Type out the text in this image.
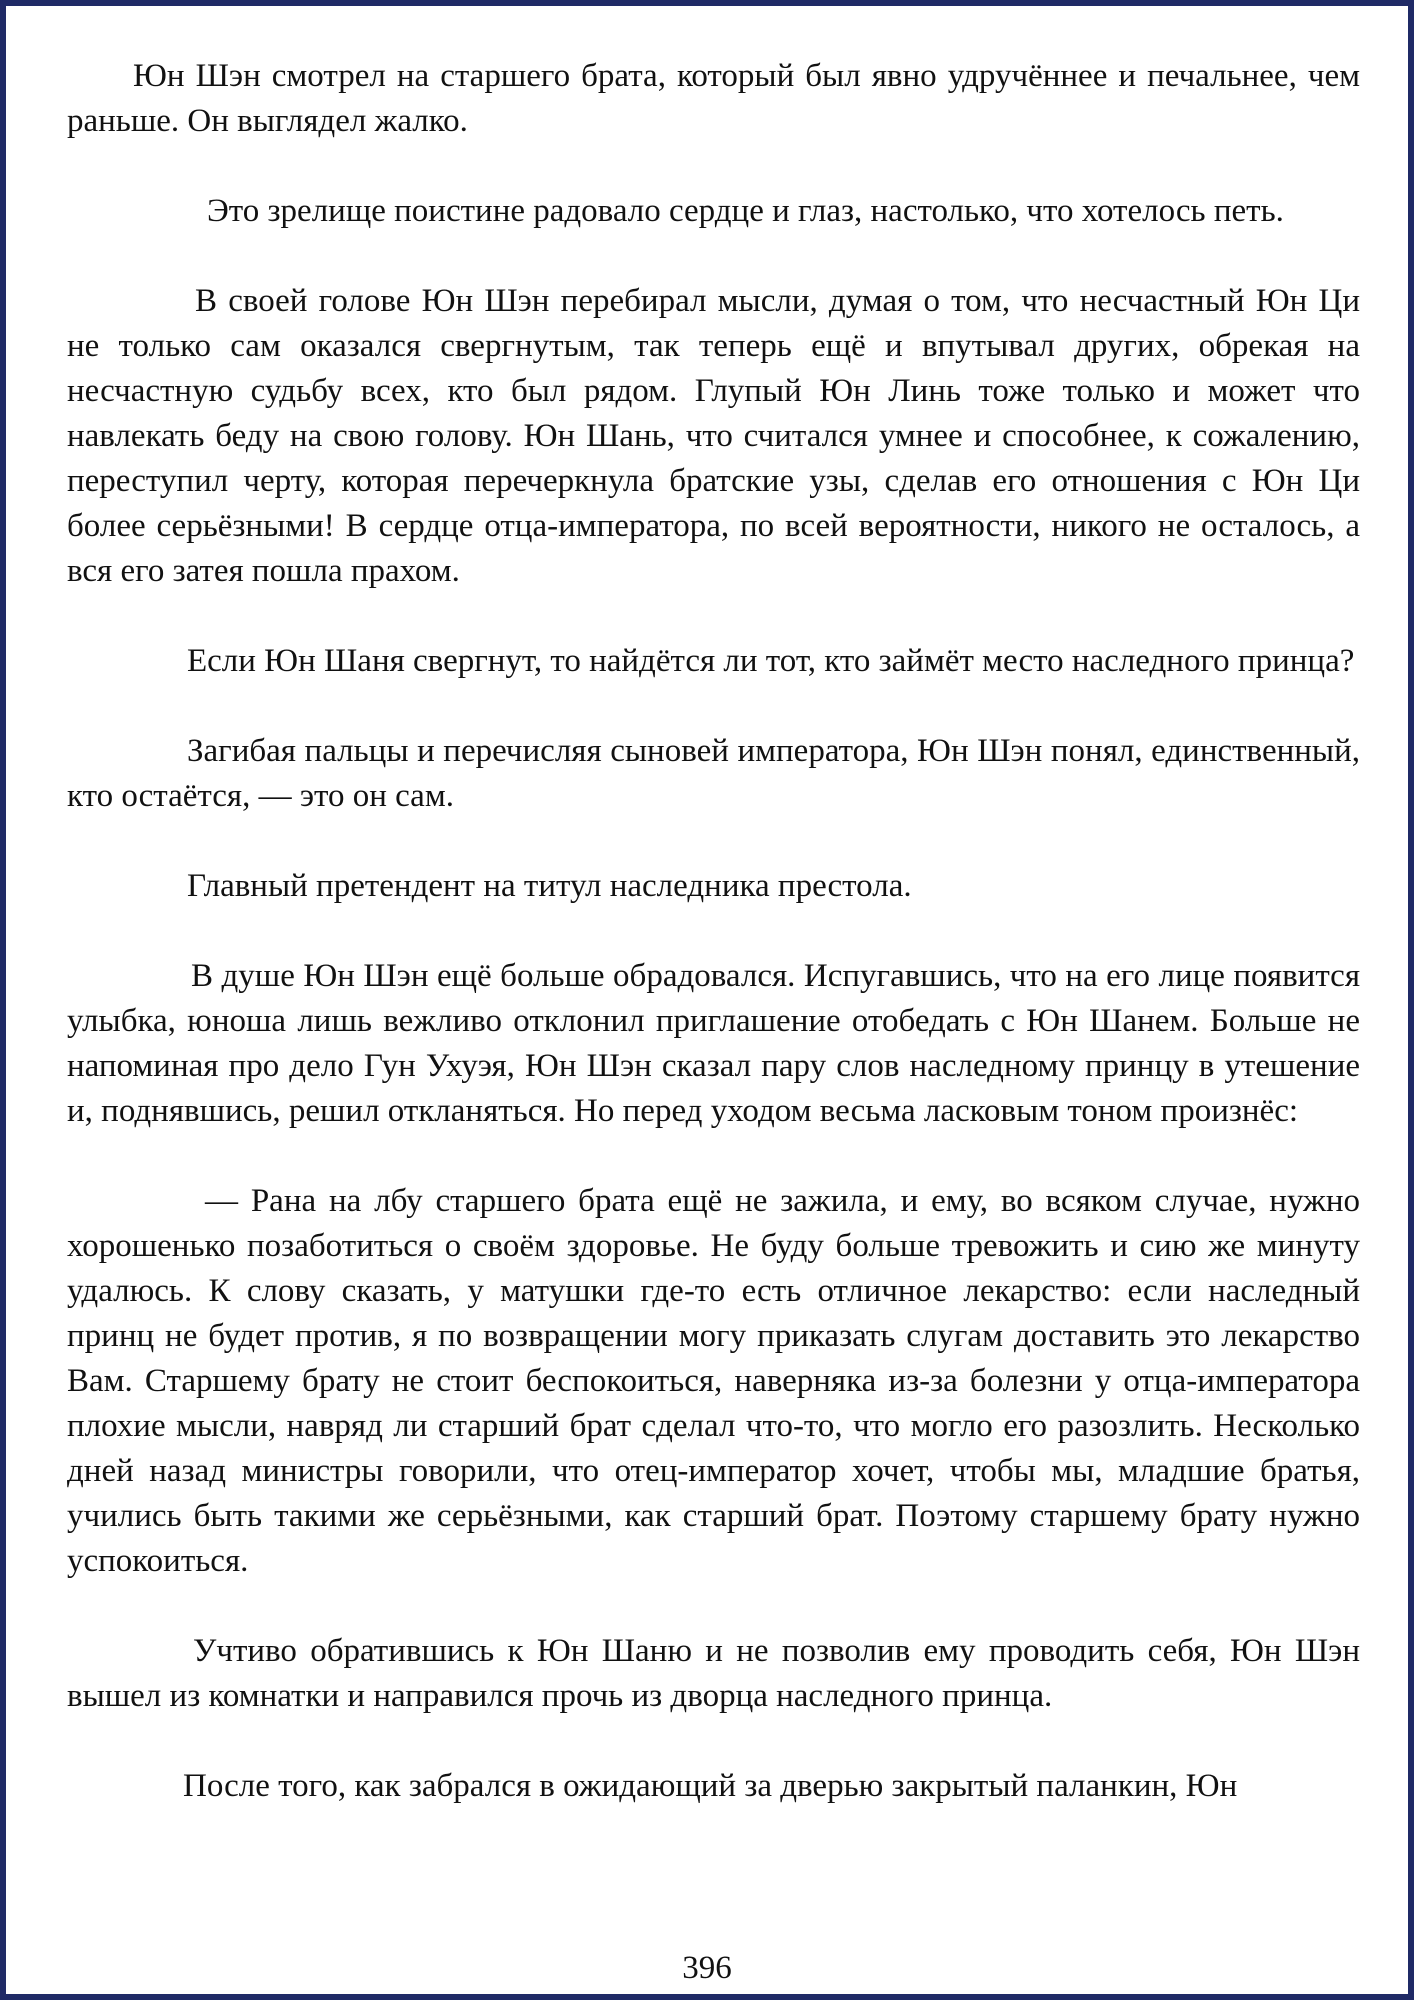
Юн Шэн смотрел на старшего брата, который был явно удручённее и печальнее, чем раньше. Он выглядел жалко.

Это зрелище поистине радовало сердце и глаз, настолько, что хотелось петь.

В своей голове Юн Шэн перебирал мысли, думая о том, что несчастный Юн Ци не только сам оказался свергнутым, так теперь ещё и впутывал других, обрекая на несчастную судьбу всех, кто был рядом. Глупый Юн Линь тоже только и может что навлекать беду на свою голову. Юн Шань, что считался умнее и способнее, к сожалению, переступил черту, которая перечеркнула братские узы, сделав его отношения с Юн Ци более серьёзными! В сердце отца-императора, по всей вероятности, никого не осталось, а вся его затея пошла прахом.

Если Юн Шаня свергнут, то найдётся ли тот, кто займёт место наследного принца?

Загибая пальцы и перечисляя сыновей императора, Юн Шэн понял, единственный, кто остаётся, — это он сам.

Главный претендент на титул наследника престола.

В душе Юн Шэн ещё больше обрадовался. Испугавшись, что на его лице появится улыбка, юноша лишь вежливо отклонил приглашение отобедать с Юн Шанем. Больше не напоминая про дело Гун Ухуэя, Юн Шэн сказал пару слов наследному принцу в утешение и, поднявшись, решил откланяться. Но перед уходом весьма ласковым тоном произнёс:

— Рана на лбу старшего брата ещё не зажила, и ему, во всяком случае, нужно хорошенько позаботиться о своём здоровье. Не буду больше тревожить и сию же минуту удалюсь. К слову сказать, у матушки где-то есть отличное лекарство: если наследный принц не будет против, я по возвращении могу приказать слугам доставить это лекарство Вам. Старшему брату не стоит беспокоиться, наверняка из-за болезни у отца-императора плохие мысли, навряд ли старший брат сделал что-то, что могло его разозлить. Несколько дней назад министры говорили, что отец-император хочет, чтобы мы, младшие братья, учились быть такими же серьёзными, как старший брат. Поэтому старшему брату нужно успокоиться.

Учтиво обратившись к Юн Шаню и не позволив ему проводить себя, Юн Шэн вышел из комнатки и направился прочь из дворца наследного принца.

После того, как забрался в ожидающий за дверью закрытый паланкин, Юн

396
